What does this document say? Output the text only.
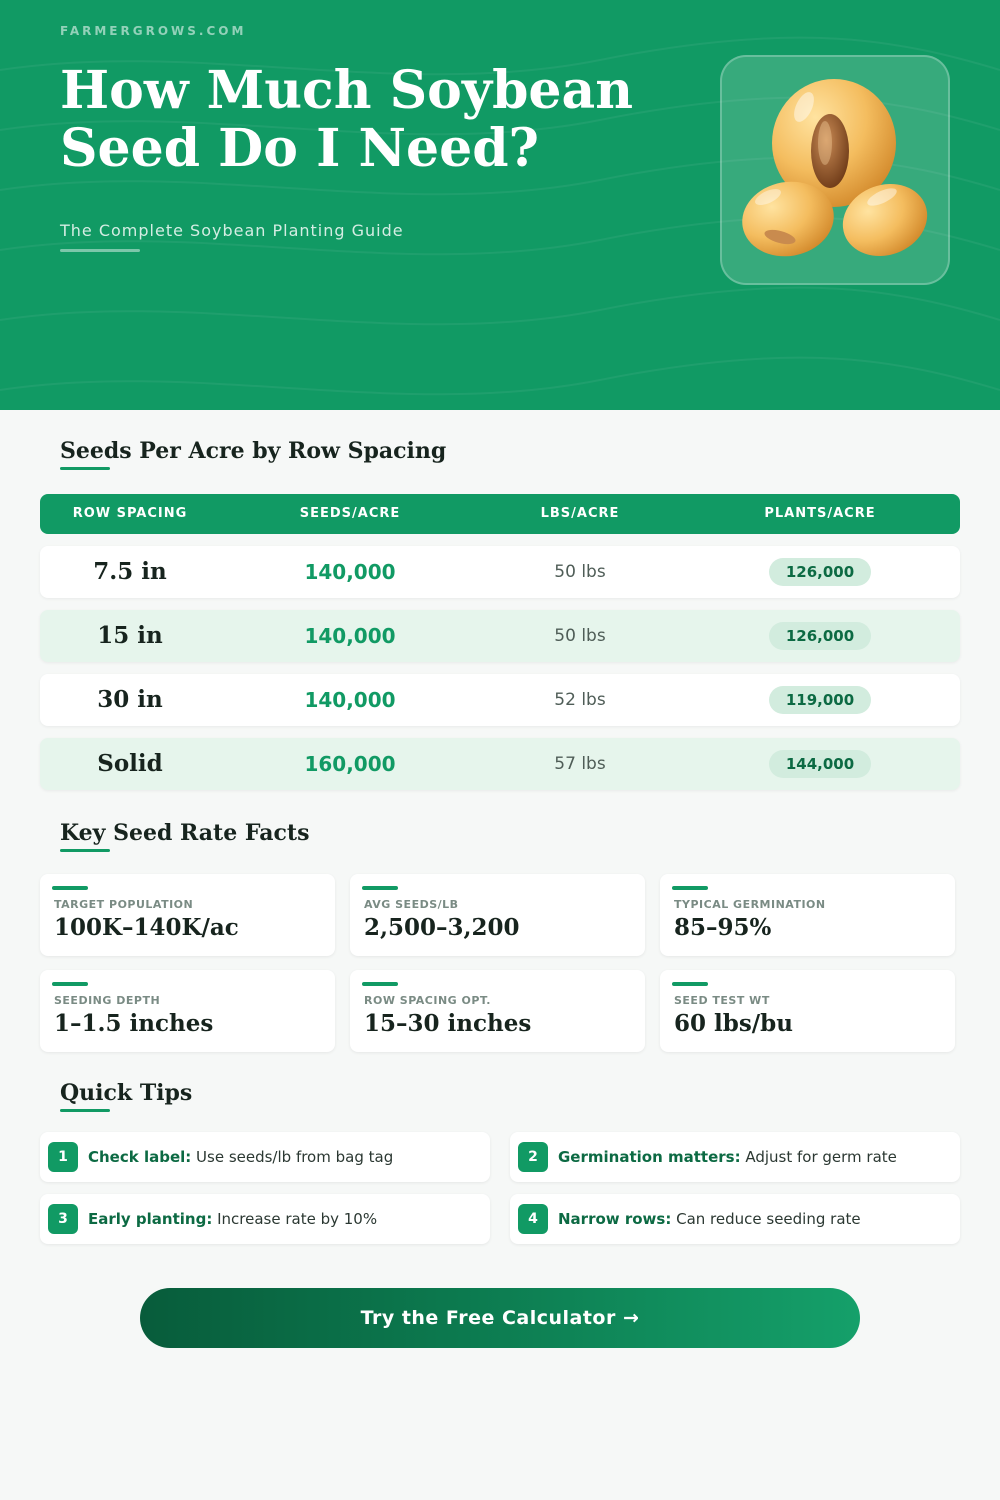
FARMERGROWS.COM
How Much Soybean Seed Do I Need?
The Complete Soybean Planting Guide
Seeds Per Acre by Row Spacing
ROW SPACING	SEEDS/ACRE	LBS/ACRE	PLANTS/ACRE
7.5 in	140,000	50 lbs	126,000
15 in	140,000	50 lbs	126,000
30 in	140,000	52 lbs	119,000
Solid	160,000	57 lbs	144,000
Key Seed Rate Facts
TARGET POPULATION
100K–140K/ac
AVG SEEDS/LB
2,500–3,200
TYPICAL GERMINATION
85–95%
SEEDING DEPTH
1–1.5 inches
ROW SPACING OPT.
15–30 inches
SEED TEST WT
60 lbs/bu
Quick Tips
1	Check label: Use seeds/lb from bag tag	2	Germination matters: Adjust for germ rate
3	Early planting: Increase rate by 10%	4	Narrow rows: Can reduce seeding rate
Try the Free Calculator →
